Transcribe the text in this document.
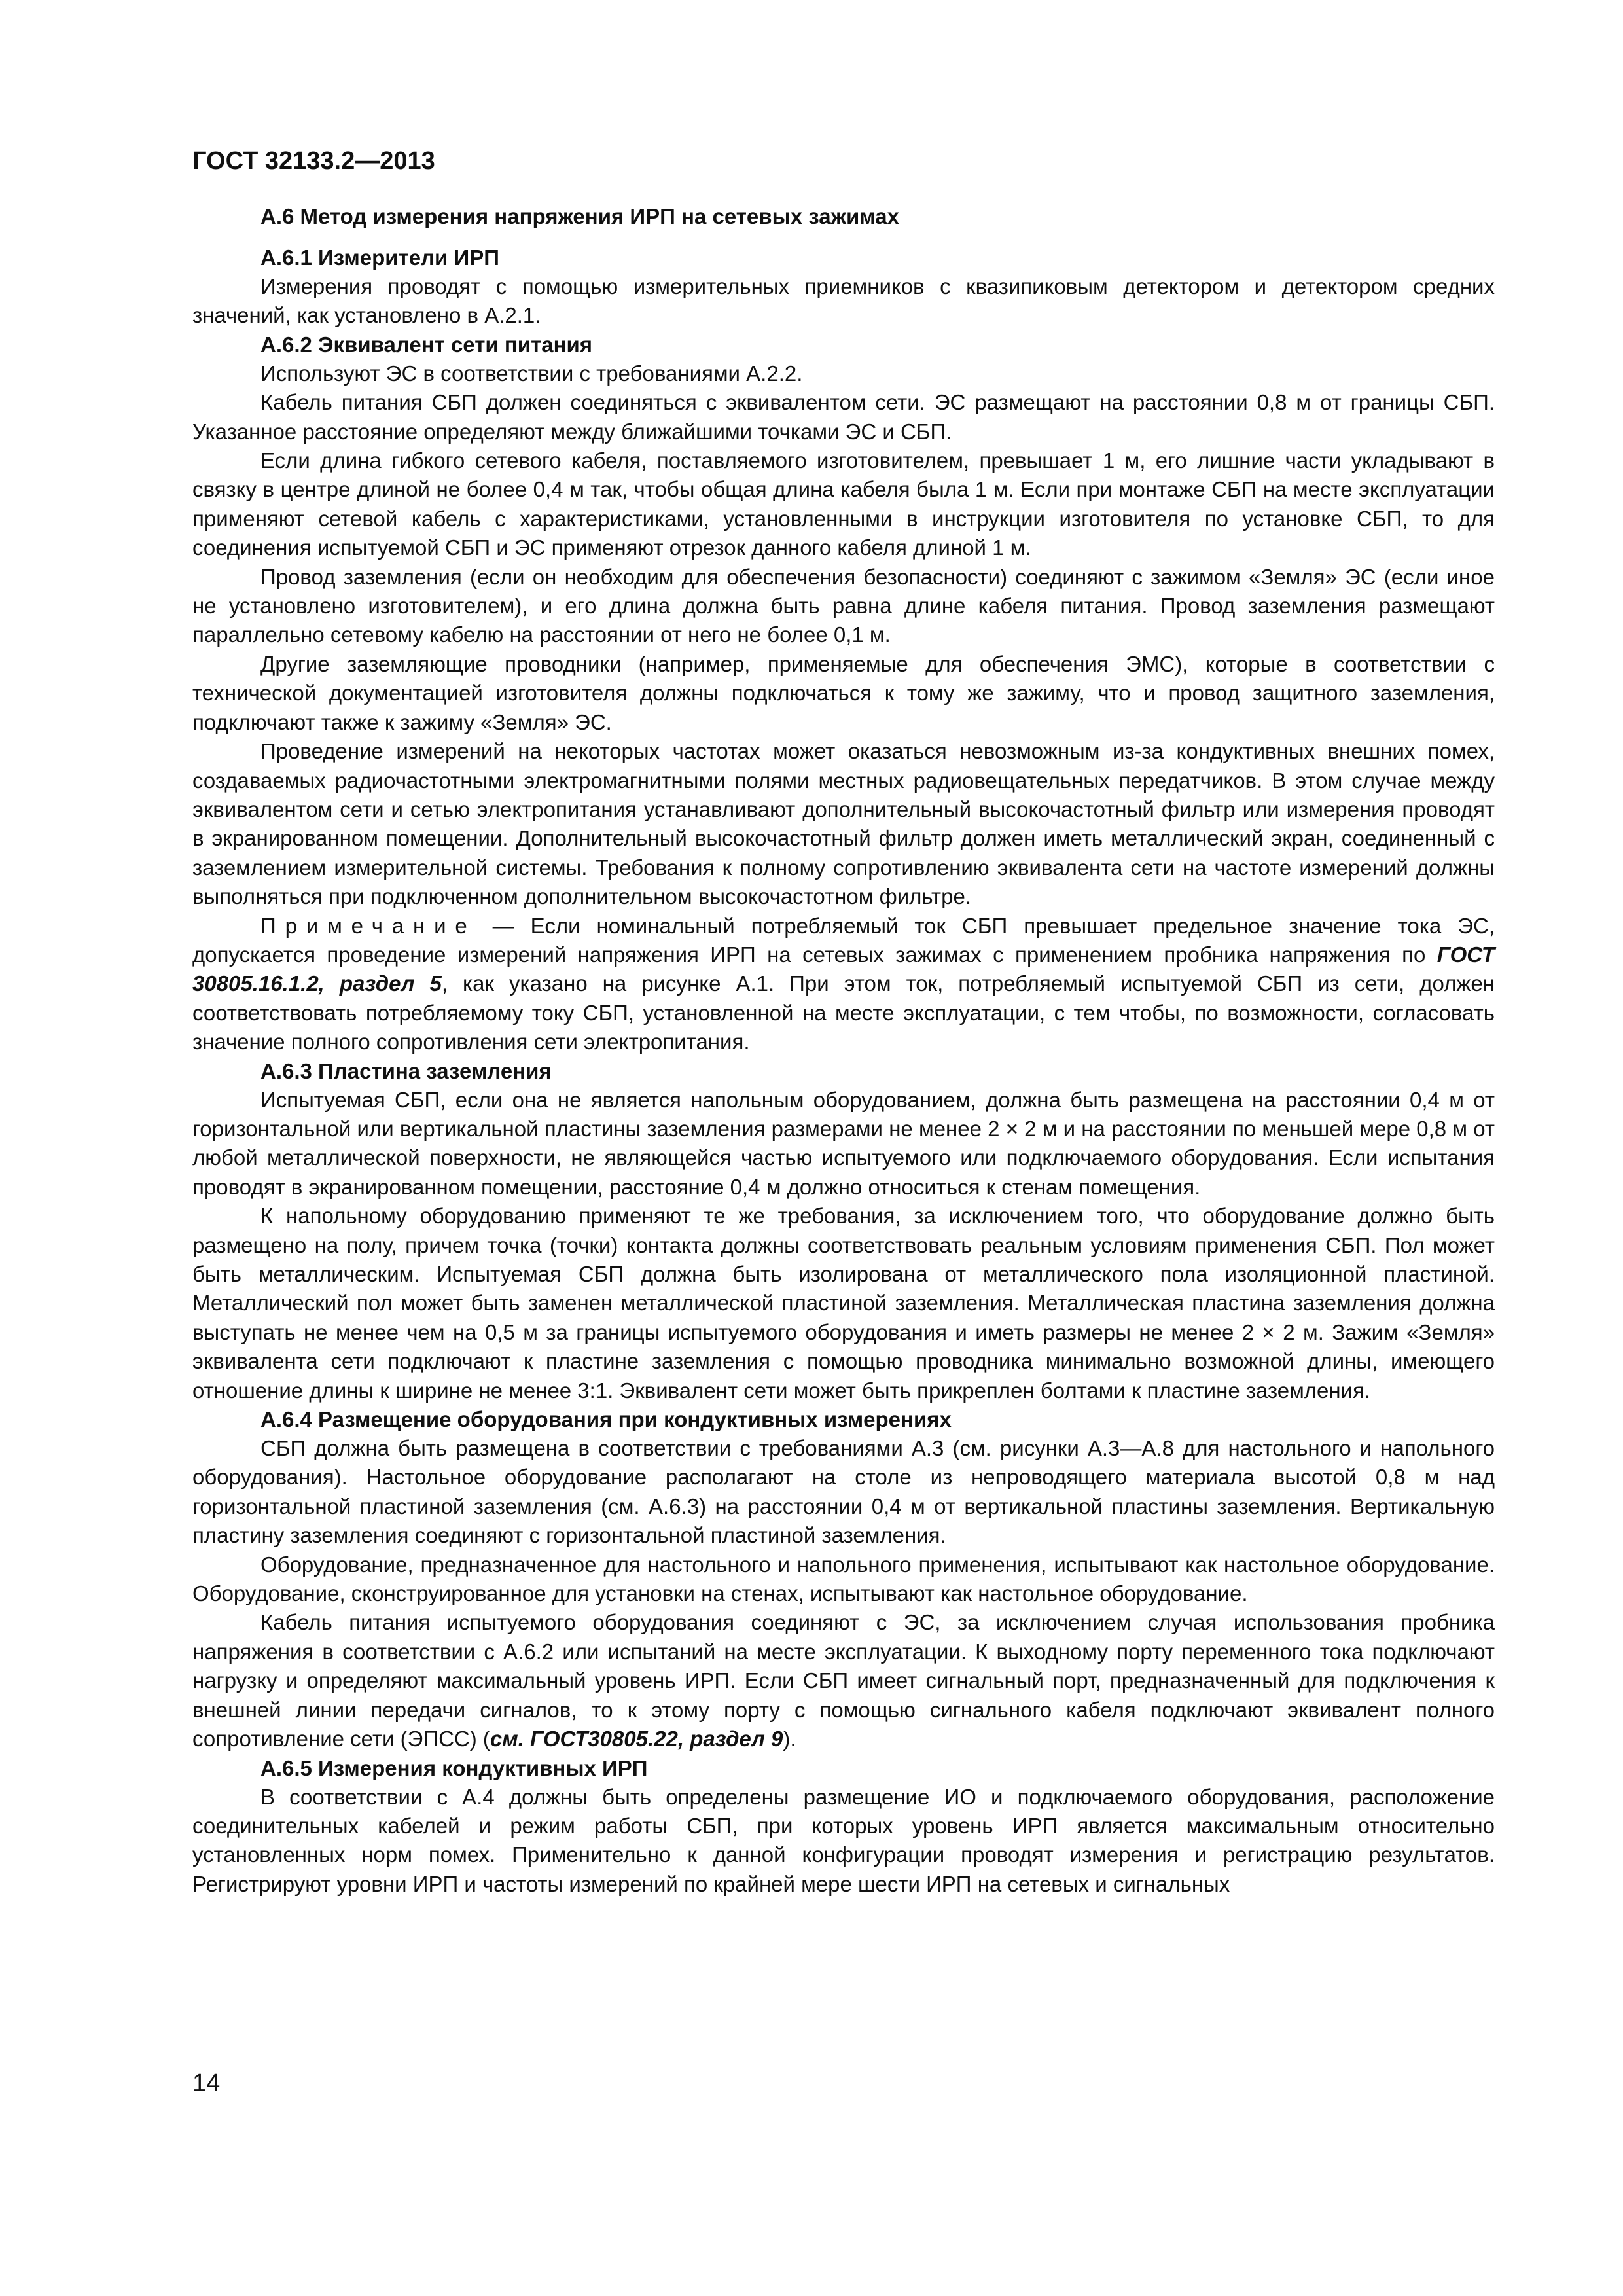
ГОСТ 32133.2—2013
А.6 Метод измерения напряжения ИРП на сетевых зажимах
А.6.1 Измерители ИРП

Измерения проводят с помощью измерительных приемников с квазипиковым детектором и детектором средних значений, как установлено в А.2.1.

А.6.2 Эквивалент сети питания

Используют ЭС в соответствии с требованиями А.2.2.

Кабель питания СБП должен соединяться с эквивалентом сети. ЭС размещают на расстоянии 0,8 м от границы СБП. Указанное расстояние определяют между ближайшими точками ЭС и СБП.

Если длина гибкого сетевого кабеля, поставляемого изготовителем, превышает 1 м, его лишние части укладывают в связку в центре длиной не более 0,4 м так, чтобы общая длина кабеля была 1 м. Если при монтаже СБП на месте эксплуатации применяют сетевой кабель с характеристиками, установленными в инструкции изготовителя по установке СБП, то для соединения испытуемой СБП и ЭС применяют отрезок данного кабеля длиной 1 м.

Провод заземления (если он необходим для обеспечения безопасности) соединяют с зажимом «Земля» ЭС (если иное не установлено изготовителем), и его длина должна быть равна длине кабеля питания. Провод заземления размещают параллельно сетевому кабелю на расстоянии от него не более 0,1 м.

Другие заземляющие проводники (например, применяемые для обеспечения ЭМС), которые в соответствии с технической документацией изготовителя должны подключаться к тому же зажиму, что и провод защитного заземления, подключают также к зажиму «Земля» ЭС.

Проведение измерений на некоторых частотах может оказаться невозможным из-за кондуктивных внешних помех, создаваемых радиочастотными электромагнитными полями местных радиовещательных передатчиков. В этом случае между эквивалентом сети и сетью электропитания устанавливают дополнительный высокочастотный фильтр или измерения проводят в экранированном помещении. Дополнительный высокочастотный фильтр должен иметь металлический экран, соединенный с заземлением измерительной системы. Требования к полному сопротивлению эквивалента сети на частоте измерений должны выполняться при подключенном дополнительном высокочастотном фильтре.

Примечание — Если номинальный потребляемый ток СБП превышает предельное значение тока ЭС, допускается проведение измерений напряжения ИРП на сетевых зажимах с применением пробника напряжения по ГОСТ 30805.16.1.2, раздел 5, как указано на рисунке А.1. При этом ток, потребляемый испытуемой СБП из сети, должен соответствовать потребляемому току СБП, установленной на месте эксплуатации, с тем чтобы, по возможности, согласовать значение полного сопротивления сети электропитания.

А.6.3 Пластина заземления

Испытуемая СБП, если она не является напольным оборудованием, должна быть размещена на расстоянии 0,4 м от горизонтальной или вертикальной пластины заземления размерами не менее 2 × 2 м и на расстоянии по меньшей мере 0,8 м от любой металлической поверхности, не являющейся частью испытуемого или подключаемого оборудования. Если испытания проводят в экранированном помещении, расстояние 0,4 м должно относиться к стенам помещения.

К напольному оборудованию применяют те же требования, за исключением того, что оборудование должно быть размещено на полу, причем точка (точки) контакта должны соответствовать реальным условиям применения СБП. Пол может быть металлическим. Испытуемая СБП должна быть изолирована от металлического пола изоляционной пластиной. Металлический пол может быть заменен металлической пластиной заземления. Металлическая пластина заземления должна выступать не менее чем на 0,5 м за границы испытуемого оборудования и иметь размеры не менее 2 × 2 м. Зажим «Земля» эквивалента сети подключают к пластине заземления с помощью проводника минимально возможной длины, имеющего отношение длины к ширине не менее 3:1. Эквивалент сети может быть прикреплен болтами к пластине заземления.

А.6.4 Размещение оборудования при кондуктивных измерениях

СБП должна быть размещена в соответствии с требованиями А.3 (см. рисунки А.3—А.8 для настольного и напольного оборудования). Настольное оборудование располагают на столе из непроводящего материала высотой 0,8 м над горизонтальной пластиной заземления (см. А.6.3) на расстоянии 0,4 м от вертикальной пластины заземления. Вертикальную пластину заземления соединяют с горизонтальной пластиной заземления.

Оборудование, предназначенное для настольного и напольного применения, испытывают как настольное оборудование. Оборудование, сконструированное для установки на стенах, испытывают как настольное оборудование.

Кабель питания испытуемого оборудования соединяют с ЭС, за исключением случая использования пробника напряжения в соответствии с А.6.2 или испытаний на месте эксплуатации. К выходному порту переменного тока подключают нагрузку и определяют максимальный уровень ИРП. Если СБП имеет сигнальный порт, предназначенный для подключения к внешней линии передачи сигналов, то к этому порту с помощью сигнального кабеля подключают эквивалент полного сопротивление сети (ЭПСС) (см. ГОСТ30805.22, раздел 9).

А.6.5 Измерения кондуктивных ИРП

В соответствии с А.4 должны быть определены размещение ИО и подключаемого оборудования, расположение соединительных кабелей и режим работы СБП, при которых уровень ИРП является максимальным относительно установленных норм помех. Применительно к данной конфигурации проводят измерения и регистрацию результатов. Регистрируют уровни ИРП и частоты измерений по крайней мере шести ИРП на сетевых и сигнальных

14
